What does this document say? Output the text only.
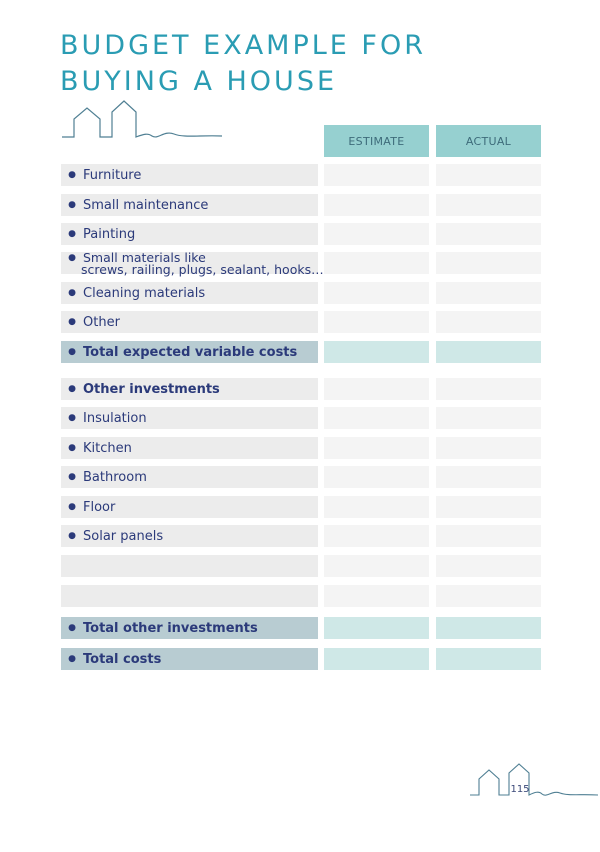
BUDGET EXAMPLE FOR
BUYING A HOUSE
ESTIMATE	ACTUAL
● Furniture
● Small maintenance
● Painting
● Small materials like
screws, railing, plugs, sealant, hooks…
● Cleaning materials
● Other
● Total expected variable costs
● Other investments
● Insulation
● Kitchen
● Bathroom
● Floor
● Solar panels
● Total other investments
● Total costs
115
